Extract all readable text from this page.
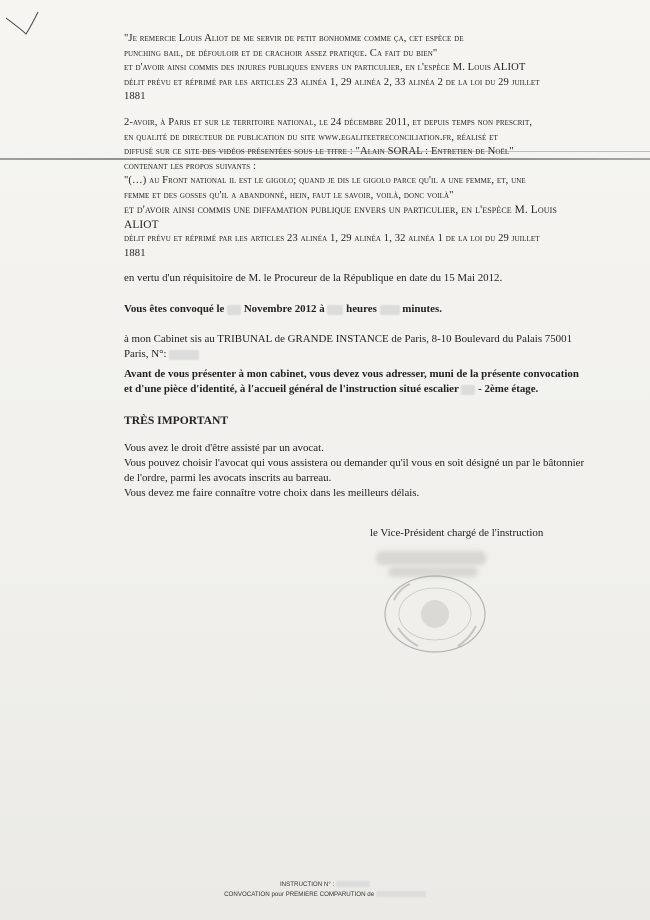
"Je remercie Louis Aliot de me servir de petit bonhomme comme ça, cet espèce de
punching bail, de défouloir et de crachoir assez pratique. Ca fait du bien"
et d'avoir ainsi commis des injures publiques envers un particulier, en l'espèce M. Louis ALIOT
délit prévu et réprimé par les articles 23 alinéa 1, 29 alinéa 2, 33 alinéa 2 de la loi du 29 juillet
1881
2-avoir, à Paris et sur le territoire national, le 24 décembre 2011, et depuis temps non prescrit,
en qualité de directeur de publication du site www.egaliteetreconciliation.fr, réalisé et
diffusé sur ce site des vidéos présentées sous le titre : "Alain SORAL : Entretien de Noël"
contenant les propos suivants :
"(…) au Front national il est le gigolo; quand je dis le gigolo parce qu'il a une femme, et, une
femme et des gosses qu'il a abandonné, hein, faut le savoir, voilà, donc voilà"
et d'avoir ainsi commis une diffamation publique envers un particulier, en l'espèce M. Louis
ALIOT
délit prévu et réprimé par les articles 23 alinéa 1, 29 alinéa 1, 32 alinéa 1 de la loi du 29 juillet
1881
en vertu d'un réquisitoire de M. le Procureur de la République en date du 15 Mai 2012.
Vous êtes convoqué le Novembre 2012 à heures minutes.
à mon Cabinet sis au TRIBUNAL de GRANDE INSTANCE de Paris, 8-10 Boulevard du Palais 75001
Paris, N°:
Avant de vous présenter à mon cabinet, vous devez vous adresser, muni de la présente convocation
et d'une pièce d'identité, à l'accueil général de l'instruction situé escalier  - 2ème étage.
TRÈS IMPORTANT
Vous avez le droit d'être assisté par un avocat.
Vous pouvez choisir l'avocat qui vous assistera ou demander qu'il vous en soit désigné un par le bâtonnier
de l'ordre, parmi les avocats inscrits au barreau.
Vous devez me faire connaître votre choix dans les meilleurs délais.
le Vice-Président chargé de l'instruction
INSTRUCTION N° :
CONVOCATION pour PREMIERE COMPARUTION de
